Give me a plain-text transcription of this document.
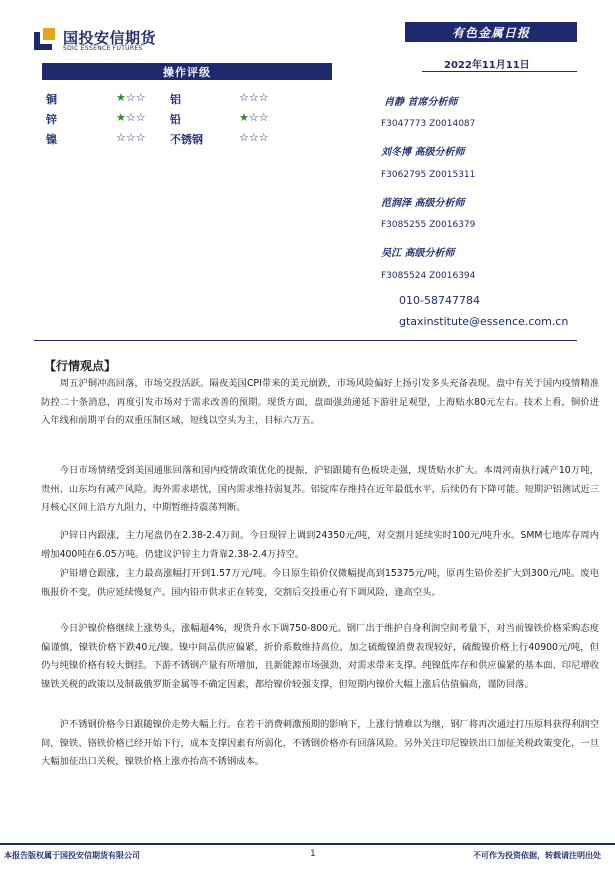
国投安信期货
SDIC ESSENCE FUTURES
有色金属日报
2022年11月11日
操作评级
铜	★☆☆ 铝	☆☆☆
锌	★☆☆ 铅	★☆☆
镍	☆☆☆ 不锈钢	☆☆☆
肖静 首席分析师
F3047773 Z0014087
刘冬博 高级分析师
F3062795 Z0015311
范润泽 高级分析师
F3085255 Z0016379
吴江 高级分析师
F3085524 Z0016394
010-58747784
gtaxinstitute@essence.com.cn
【行情观点】

周五沪铜冲高回落，市场交投活跃。隔夜美国CPI带来的美元崩跌，市场风险偏好上扬引发多头充备表现。盘中有关于国内疫情精准防控二十条消息，再度引发市场对于需求改善的预期。现货方面，盘面强劲递延下游驻足观望，上海贴水80元左右。技术上看，铜价进入年线和前期平台的双重压制区域，短线以空头为主，目标六万五。

今日市场情绪受到美国通胀回落和国内疫情政策优化的提振，沪铝跟随有色板块走强，现货贴水扩大。本周河南执行减产10万吨，贵州、山东均有减产风险。海外需求堪忧，国内需求维持弱复苏。铝锭库存维持在近年最低水平，后续仍有下降可能。短期沪铝测试近三月核心区间上沿方九阻力，中期暂维持震荡判断。

沪锌日内跟涨，主力尾盘仍在2.38-2.4万间。今日现锌上调到24350元/吨，对交割月延续实时100元/吨升水。SMM七地库存周内增加400吨在6.05万吨。仍建议沪锌主力背靠2.38-2.4万持空。

沪铅增仓跟涨，主力最高涨幅打开到1.57万元/吨。今日原生铅价仅微幅提高到15375元/吨，原再生铅价差扩大到300元/吨。废电瓶报价不变，供应延续慢复产。国内铅市供求正在转变，交割后交投重心有下调风险，逢高空头。

今日沪镍价格继续上涨势头，涨幅超4%，现货升水下调750-800元。钢厂出于维护自身利润空间考量下，对当前镍铁价格采购态度偏谨慎，镍铁价格下跌40元/镍。镍中间品供应偏紧，折价系数维持高位，加之硫酸镍消费表现较好，硫酸镍价格上行40900元/吨，但仍与纯镍价格有较大倒挂。下游不锈钢产量有所增加，且新能源市场强劲，对需求带来支撑。纯镍低库存和供应偏紧的基本面、印尼增收镍铁关税的政策以及制裁俄罗斯金属等不确定因素，都给镍价较强支撑，但短期内镍价大幅上涨后估值偏高，谨防回落。

沪不锈钢价格今日跟随镍价走势大幅上行。在若干消费刺激预期的影响下，上涨行情难以为继，钢厂将再次通过打压原料获得利润空间，镍铁、铬铁价格已经开始下行，成本支撑因素有所弱化，不锈钢价格亦有回落风险。另外关注印尼镍铁出口加征关税政策变化，一旦大幅加征出口关税，镍铁价格上涨亦抬高不锈钢成本。

本报告版权属于国投安信期货有限公司	1	不可作为投资依据，转载请注明出处
